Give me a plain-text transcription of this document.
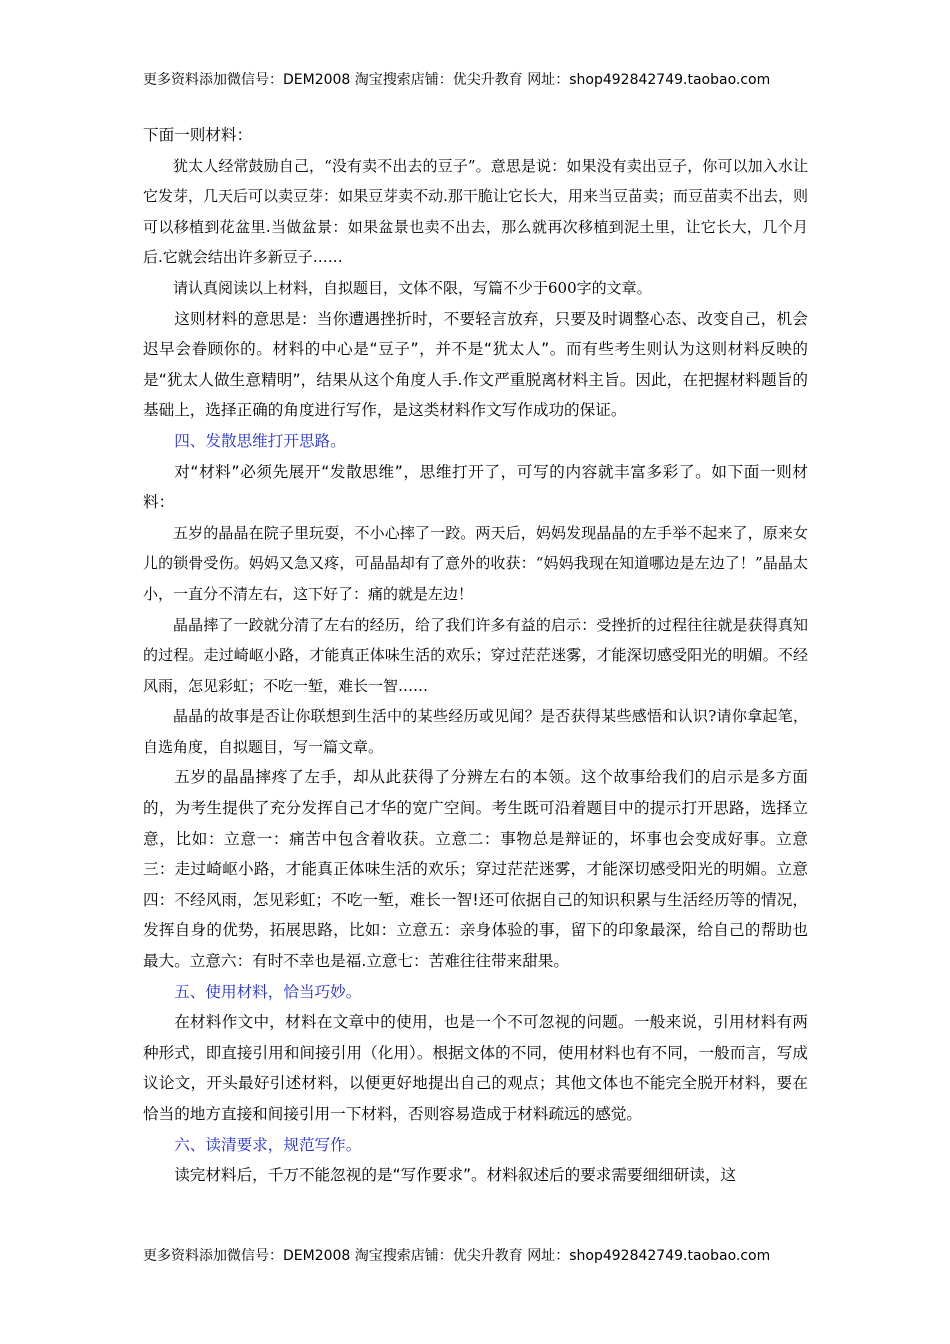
更多资料添加微信号：DEM2008 淘宝搜索店铺：优尖升教育 网址：shop492842749.taobao.com

下面一则材料：

犹太人经常鼓励自己，“没有卖不出去的豆子”。意思是说：如果没有卖出豆子，你可以加入水让它发芽，几天后可以卖豆芽：如果豆芽卖不动.那干脆让它长大，用来当豆苗卖；而豆苗卖不出去，则可以移植到花盆里.当做盆景：如果盆景也卖不出去，那么就再次移植到泥土里，让它长大，几个月后.它就会结出许多新豆子……

请认真阅读以上材料，自拟题目，文体不限，写篇不少于600字的文章。

这则材料的意思是：当你遭遇挫折时，不要轻言放弃，只要及时调整心态、改变自己，机会迟早会眷顾你的。材料的中心是“豆子”，并不是“犹太人”。而有些考生则认为这则材料反映的是“犹太人做生意精明”，结果从这个角度人手.作文严重脱离材料主旨。因此，在把握材料题旨的基础上，选择正确的角度进行写作，是这类材料作文写作成功的保证。

四、发散思维打开思路。

对“材料”必须先展开“发散思维”，思维打开了，可写的内容就丰富多彩了。如下面一则材料：

五岁的晶晶在院子里玩耍，不小心摔了一跤。两天后，妈妈发现晶晶的左手举不起来了，原来女儿的锁骨受伤。妈妈又急又疼，可晶晶却有了意外的收获：“妈妈我现在知道哪边是左边了！”晶晶太小，一直分不清左右，这下好了：痛的就是左边！

晶晶摔了一跤就分清了左右的经历，给了我们许多有益的启示：受挫折的过程往往就是获得真知的过程。走过崎岖小路，才能真正体味生活的欢乐；穿过茫茫迷雾，才能深切感受阳光的明媚。不经风雨，怎见彩虹；不吃一堑，难长一智……

晶晶的故事是否让你联想到生活中的某些经历或见闻？是否获得某些感悟和认识?请你拿起笔，自选角度，自拟题目，写一篇文章。

五岁的晶晶摔疼了左手，却从此获得了分辨左右的本领。这个故事给我们的启示是多方面的，为考生提供了充分发挥自己才华的宽广空间。考生既可沿着题目中的提示打开思路，选择立意，比如：立意一：痛苦中包含着收获。立意二：事物总是辩证的，坏事也会变成好事。立意三：走过崎岖小路，才能真正体味生活的欢乐；穿过茫茫迷雾，才能深切感受阳光的明媚。立意四：不经风雨，怎见彩虹；不吃一堑，难长一智!还可依据自己的知识积累与生活经历等的情况，发挥自身的优势，拓展思路，比如：立意五：亲身体验的事，留下的印象最深，给自己的帮助也最大。立意六：有时不幸也是福.立意七：苦难往往带来甜果。

五、使用材料，恰当巧妙。

在材料作文中，材料在文章中的使用，也是一个不可忽视的问题。一般来说，引用材料有两种形式，即直接引用和间接引用（化用）。根据文体的不同，使用材料也有不同，一般而言，写成议论文，开头最好引述材料，以便更好地提出自己的观点；其他文体也不能完全脱开材料，要在恰当的地方直接和间接引用一下材料，否则容易造成于材料疏远的感觉。

六、读清要求，规范写作。

读完材料后，千万不能忽视的是“写作要求”。材料叙述后的要求需要细细研读，这

更多资料添加微信号：DEM2008 淘宝搜索店铺：优尖升教育 网址：shop492842749.taobao.com
